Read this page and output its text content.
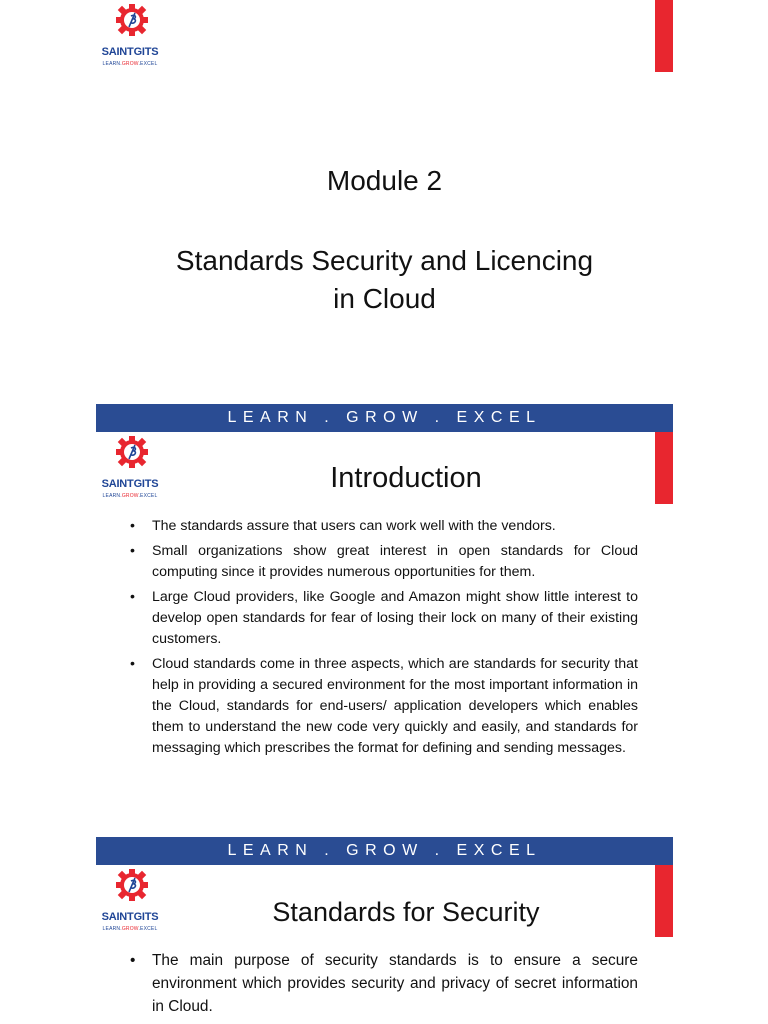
SAINTGITS
LEARN.GROW.EXCEL
Module 2
Standards Security and Licencing
in Cloud
LEARN . GROW . EXCEL
SAINTGITS
LEARN.GROW.EXCEL
Introduction
• The standards assure that users can work well with the vendors.
• Small organizations show great interest in open standards for Cloud computing since it provides numerous opportunities for them.
• Large Cloud providers, like Google and Amazon might show little interest to develop open standards for fear of losing their lock on many of their existing customers.
• Cloud standards come in three aspects, which are standards for security that help in providing a secured environment for the most important information in the Cloud, standards for end-users/ application developers which enables them to understand the new code very quickly and easily, and standards for messaging which prescribes the format for defining and sending messages.
LEARN . GROW . EXCEL
SAINTGITS
LEARN.GROW.EXCEL
Standards for Security
• The main purpose of security standards is to ensure a secure environment which provides security and privacy of secret information in Cloud.
